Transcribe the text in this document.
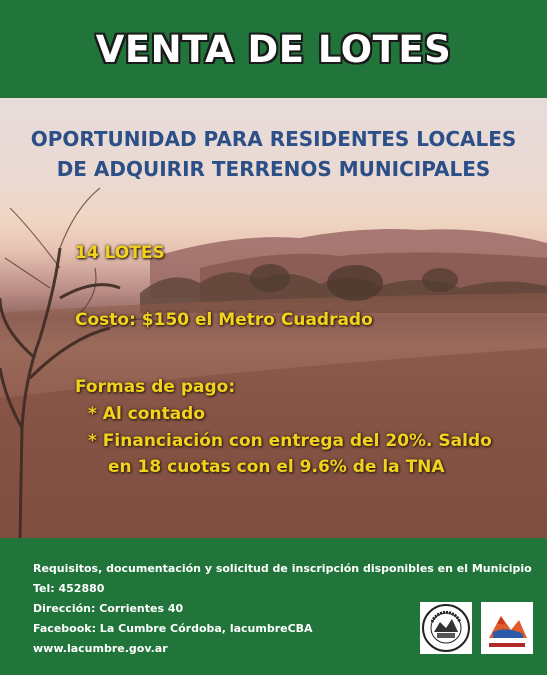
VENTA DE LOTES
OPORTUNIDAD PARA RESIDENTES LOCALES
DE ADQUIRIR TERRENOS MUNICIPALES
14 LOTES
Costo: $150 el Metro Cuadrado
Formas de pago:
* Al contado
* Financiación con entrega del 20%. Saldo
en 18 cuotas con el 9.6% de la TNA
Requisitos, documentación y solicitud de inscripción disponibles en el Municipio
Tel: 452880
Dirección: Corrientes 40
Facebook: La Cumbre Córdoba, lacumbreCBA
www.lacumbre.gov.ar
